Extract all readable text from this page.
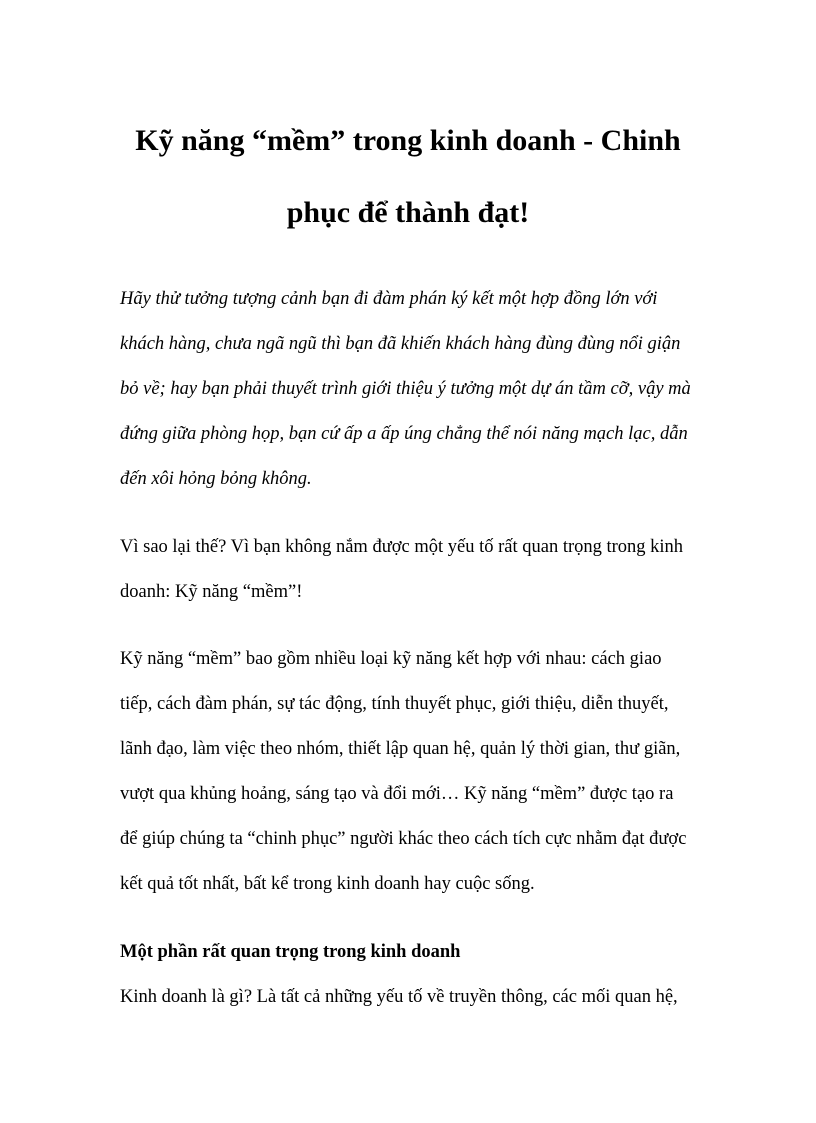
Kỹ năng “mềm” trong kinh doanh - Chinh
phục để thành đạt!

Hãy thử tưởng tượng cảnh bạn đi đàm phán ký kết một hợp đồng lớn với

khách hàng, chưa ngã ngũ thì bạn đã khiến khách hàng đùng đùng nổi giận

bỏ về; hay bạn phải thuyết trình giới thiệu ý tưởng một dự án tầm cỡ, vậy mà

đứng giữa phòng họp, bạn cứ ấp a ấp úng chẳng thể nói năng mạch lạc, dẫn

đến xôi hỏng bỏng không.

Vì sao lại thế? Vì bạn không nắm được một yếu tố rất quan trọng trong kinh

doanh: Kỹ năng “mềm”!

Kỹ năng “mềm” bao gồm nhiều loại kỹ năng kết hợp với nhau: cách giao

tiếp, cách đàm phán, sự tác động, tính thuyết phục, giới thiệu, diễn thuyết,

lãnh đạo, làm việc theo nhóm, thiết lập quan hệ, quản lý thời gian, thư giãn,

vượt qua khủng hoảng, sáng tạo và đổi mới… Kỹ năng “mềm” được tạo ra

để giúp chúng ta “chinh phục” người khác theo cách tích cực nhằm đạt được

kết quả tốt nhất, bất kể trong kinh doanh hay cuộc sống.

Một phần rất quan trọng trong kinh doanh

Kinh doanh là gì? Là tất cả những yếu tố về truyền thông, các mối quan hệ,
